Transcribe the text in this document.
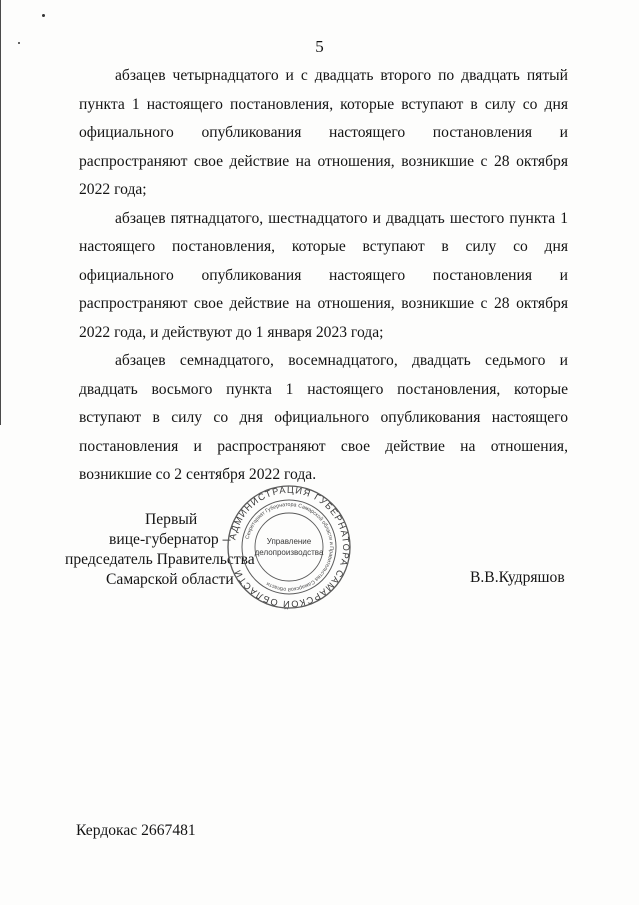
5

абзацев четырнадцатого и с двадцать второго по двадцать пятый пункта 1 настоящего постановления, которые вступают в силу со дня официального опубликования настоящего постановления и распространяют свое действие на отношения, возникшие с 28 октября 2022 года;

абзацев пятнадцатого, шестнадцатого и двадцать шестого пункта 1 настоящего постановления, которые вступают в силу со дня официального опубликования настоящего постановления и распространяют свое действие на отношения, возникшие с 28 октября 2022 года, и действуют до 1 января 2023 года;

абзацев семнадцатого, восемнадцатого, двадцать седьмого и двадцать восьмого пункта 1 настоящего постановления, которые вступают в силу со дня официального опубликования настоящего постановления и распространяют свое действие на отношения, возникшие со 2 сентября 2022 года.

Первый
вице-губернатор –
председатель Правительства
Самарской области
АДМИНИСТРАЦИЯ ГУБЕРНАТОРА САМАРСКОЙ ОБЛАСТИ
Секретариат Губернатора Самарской области и Правительства Самарской области
Управление
делопроизводства
В.В.Кудряшов
Кердокас 2667481
